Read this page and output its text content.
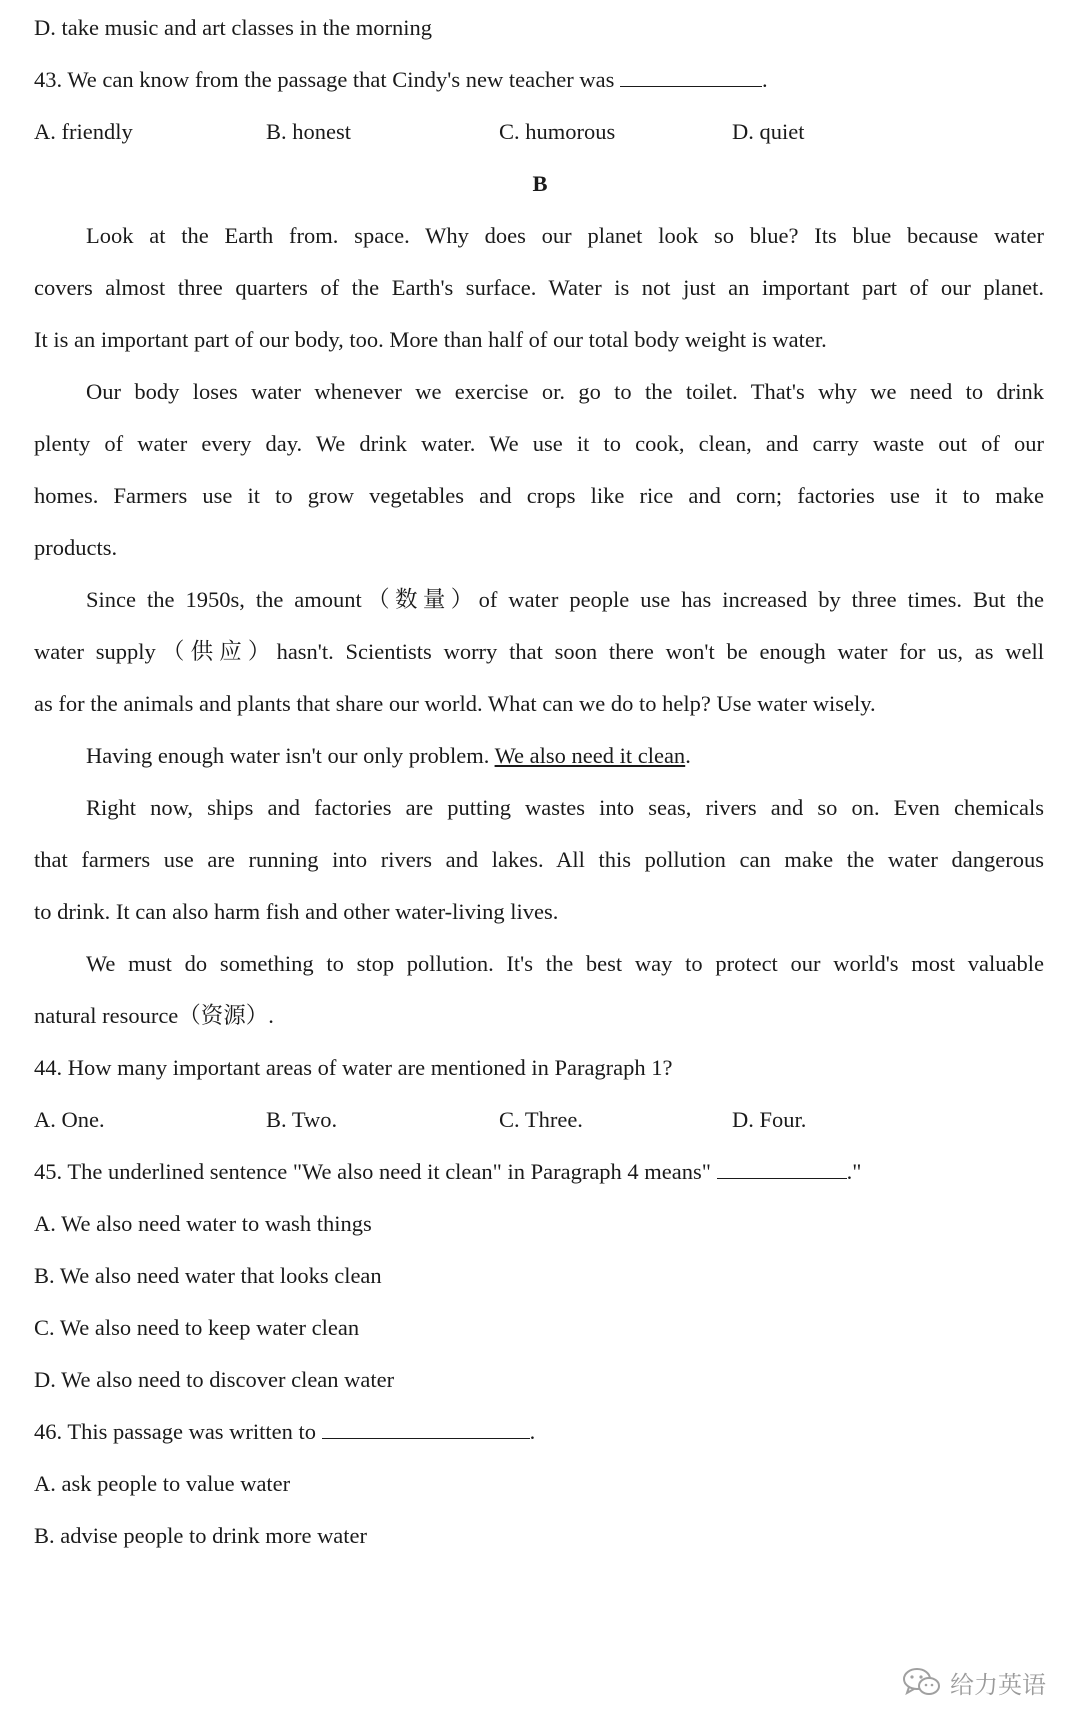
D. take music and art classes in the morning
43. We can know from the passage that Cindy's new teacher was	.
A. friendly	B. honest	C. humorous	D. quiet
B
Look at the Earth from. space. Why does our planet look so blue? Its blue because water
covers almost three quarters of the Earth's surface. Water is not just an important part of our planet.
It is an important part of our body, too. More than half of our total body weight is water.
Our body loses water whenever we exercise or. go to the toilet. That's why we need to drink
plenty of water every day. We drink water. We use it to cook, clean, and carry waste out of our
homes. Farmers use it to grow vegetables and crops like rice and corn; factories use it to make
products.
Since the 1950s, the amount（数量）of water people use has increased by three times. But the
water supply（供应）hasn't. Scientists worry that soon there won't be enough water for us, as well
as for the animals and plants that share our world. What can we do to help? Use water wisely.
Having enough water isn't our only problem. We also need it clean.
Right now, ships and factories are putting wastes into seas, rivers and so on. Even chemicals
that farmers use are running into rivers and lakes. All this pollution can make the water dangerous
to drink. It can also harm fish and other water-living lives.
We must do something to stop pollution. It's the best way to protect our world's most valuable
natural resource（资源）.
44. How many important areas of water are mentioned in Paragraph 1?
A. One.	B. Two.	C. Three.	D. Four.
45. The underlined sentence "We also need it clean" in Paragraph 4 means"	."
A. We also need water to wash things
B. We also need water that looks clean
C. We also need to keep water clean
D. We also need to discover clean water
46. This passage was written to	.
A. ask people to value water
B. advise people to drink more water
给力英语
